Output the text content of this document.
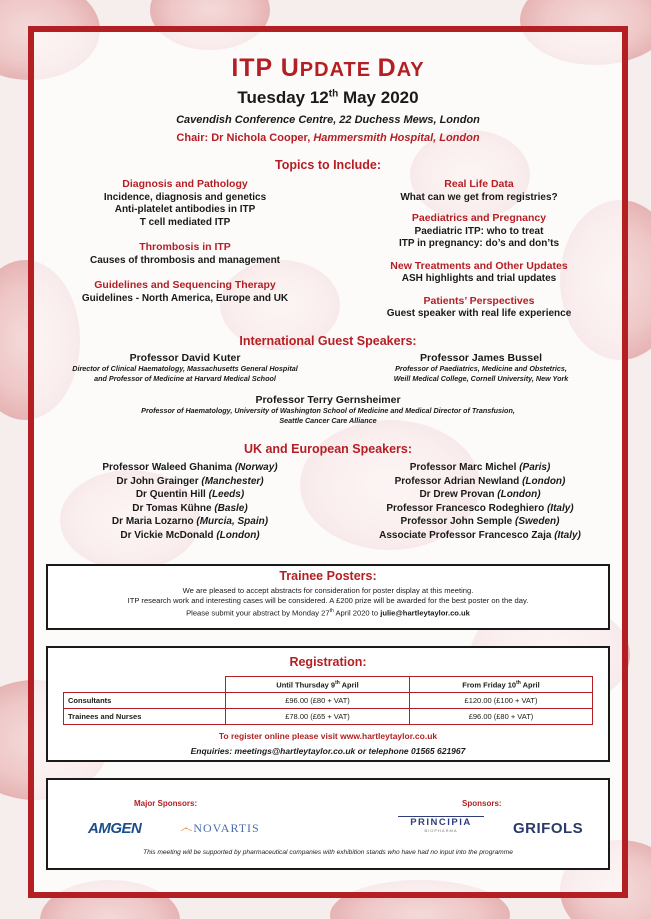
ITP UPDATE DAY
Tuesday 12th May 2020
Cavendish Conference Centre, 22 Duchess Mews, London
Chair: Dr Nichola Cooper, Hammersmith Hospital, London
Topics to Include:
Diagnosis and Pathology
Incidence, diagnosis and genetics
Anti-platelet antibodies in ITP
T cell mediated ITP
Thrombosis in ITP
Causes of thrombosis and management
Guidelines and Sequencing Therapy
Guidelines - North America, Europe and UK
Real Life Data
What can we get from registries?
Paediatrics and Pregnancy
Paediatric ITP: who to treat
ITP in pregnancy: do’s and don’ts
New Treatments and Other Updates
ASH highlights and trial updates
Patients’ Perspectives
Guest speaker with real life experience
International Guest Speakers:
Professor David Kuter
Director of Clinical Haematology, Massachusetts General Hospital
and Professor of Medicine at Harvard Medical School
Professor James Bussel
Professor of Paediatrics, Medicine and Obstetrics,
Weill Medical College, Cornell University, New York
Professor Terry Gernsheimer
Professor of Haematology, University of Washington School of Medicine and Medical Director of Transfusion,
Seattle Cancer Care Alliance
UK and European Speakers:
Professor Waleed Ghanima (Norway)
Dr John Grainger (Manchester)
Dr Quentin Hill (Leeds)
Dr Tomas Kühne (Basle)
Dr Maria Lozarno (Murcia, Spain)
Dr Vickie McDonald (London)
Professor Marc Michel (Paris)
Professor Adrian Newland (London)
Dr Drew Provan (London)
Professor Francesco Rodeghiero (Italy)
Professor John Semple (Sweden)
Associate Professor Francesco Zaja (Italy)
Trainee Posters:
We are pleased to accept abstracts for consideration for poster display at this meeting.
ITP research work and interesting cases will be considered. A £200 prize will be awarded for the best poster on the day.
Please submit your abstract by Monday 27th April 2020 to julie@hartleytaylor.co.uk
Registration:
	Until Thursday 9th April	From Friday 10th April
Consultants	£96.00 (£80 + VAT)	£120.00 (£100 + VAT)
Trainees and Nurses	£78.00 (£65 + VAT)	£96.00 (£80 + VAT)
To register online please visit www.hartleytaylor.co.uk
Enquiries: meetings@hartleytaylor.co.uk or telephone 01565 621967
Major Sponsors:	Sponsors:
AMGEN	෴NOVARTIS	PRINCIPIA
BIOPHARMA	GRIFOLS
This meeting will be supported by pharmaceutical companies with exhibition stands who have had no input into the programme
